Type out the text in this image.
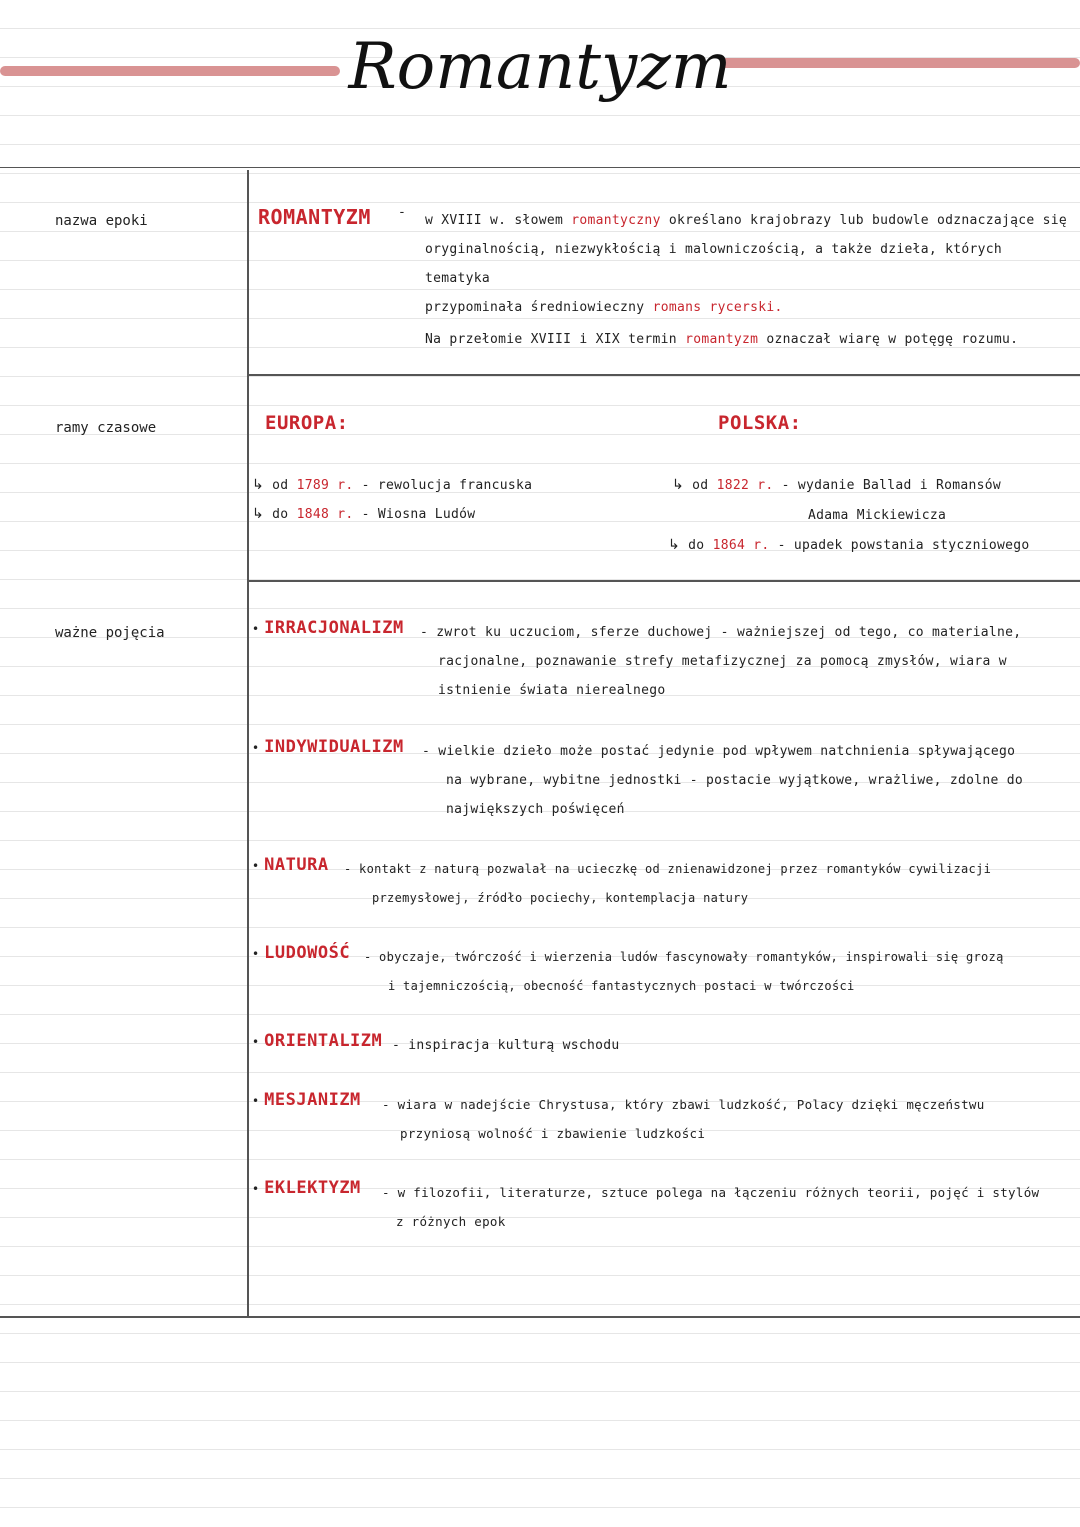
Romantyzm
nazwa epoki
ramy czasowe
ważne pojęcia
ROMANTYZM -
w XVIII w. słowem romantyczny określano krajobrazy lub budowle odznaczające się
oryginalnością, niezwykłością i malowniczością, a także dzieła, których tematyka
przypominała średniowieczny romans rycerski.
Na przełomie XVIII i XIX termin romantyzm oznaczał wiarę w potęgę rozumu.
EUROPA:	POLSKA:
↳ od 1789 r. - rewolucja francuska
↳ do 1848 r. - Wiosna Ludów
↳ od 1822 r. - wydanie Ballad i Romansów
Adama Mickiewicza
↳ do 1864 r. - upadek powstania styczniowego
• IRRACJONALIZM - zwrot ku uczuciom, sferze duchowej - ważniejszej od tego, co materialne,
racjonalne, poznawanie strefy metafizycznej za pomocą zmysłów, wiara w
istnienie świata nierealnego
• INDYWIDUALIZM - wielkie dzieło może postać jedynie pod wpływem natchnienia spływającego
na wybrane, wybitne jednostki - postacie wyjątkowe, wrażliwe, zdolne do
największych poświęceń
• NATURA - kontakt z naturą pozwalał na ucieczkę od znienawidzonej przez romantyków cywilizacji
przemysłowej, źródło pociechy, kontemplacja natury
• LUDOWOŚĆ - obyczaje, twórczość i wierzenia ludów fascynowały romantyków, inspirowali się grozą
i tajemniczością, obecność fantastycznych postaci w twórczości
• ORIENTALIZM - inspiracja kulturą wschodu
• MESJANIZM - wiara w nadejście Chrystusa, który zbawi ludzkość, Polacy dzięki męczeństwu
przyniosą wolność i zbawienie ludzkości
• EKLEKTYZM - w filozofii, literaturze, sztuce polega na łączeniu różnych teorii, pojęć i stylów
z różnych epok
